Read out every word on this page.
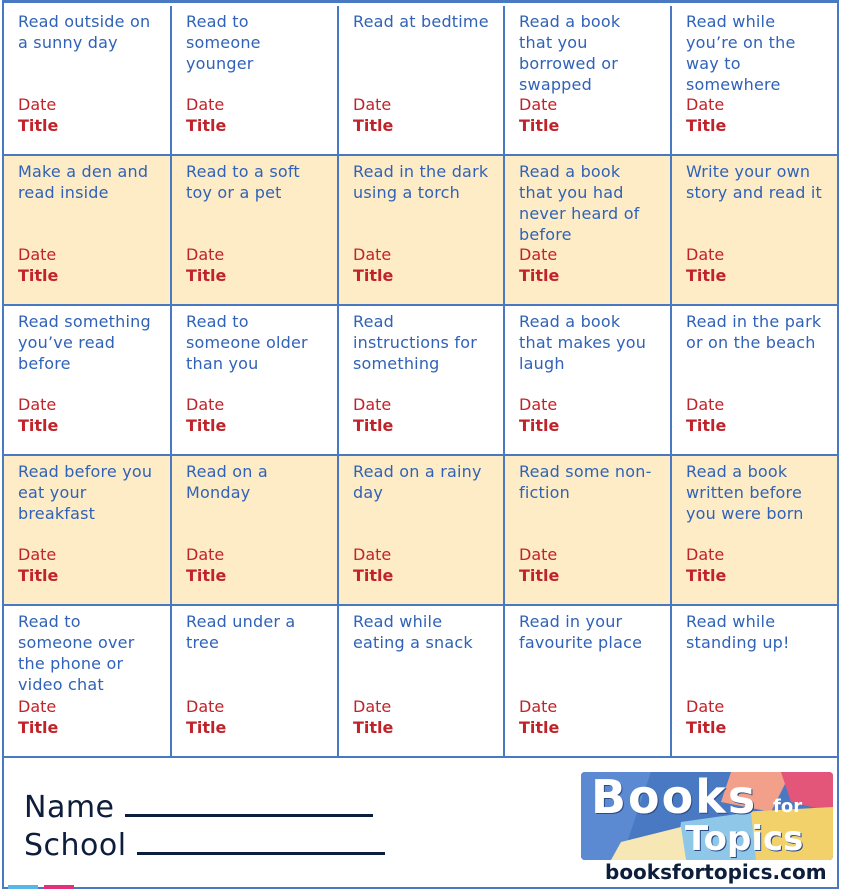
Read outside on a sunny day
Date
Title
Read to someone younger
Date
Title
Read at bedtime
Date
Title
Read a book that you borrowed or swapped
Date
Title
Read while you’re on the way to somewhere
Date
Title
Make a den and read inside
Date
Title
Read to a soft toy or a pet
Date
Title
Read in the dark using a torch
Date
Title
Read a book that you had never heard of before
Date
Title
Write your own story and read it
Date
Title
Read something you’ve read before
Date
Title
Read to someone older than you
Date
Title
Read instructions for something
Date
Title
Read a book that makes you laugh
Date
Title
Read in the park or on the beach
Date
Title
Read before you eat your breakfast
Date
Title
Read on a Monday
Date
Title
Read on a rainy day
Date
Title
Read some non-fiction
Date
Title
Read a book written before you were born
Date
Title
Read to someone over the phone or video chat
Date
Title
Read under a tree
Date
Title
Read while eating a snack
Date
Title
Read in your favourite place
Date
Title
Read while standing up!
Date
Title
Name
School
Books for
Topics
booksfortopics.com
